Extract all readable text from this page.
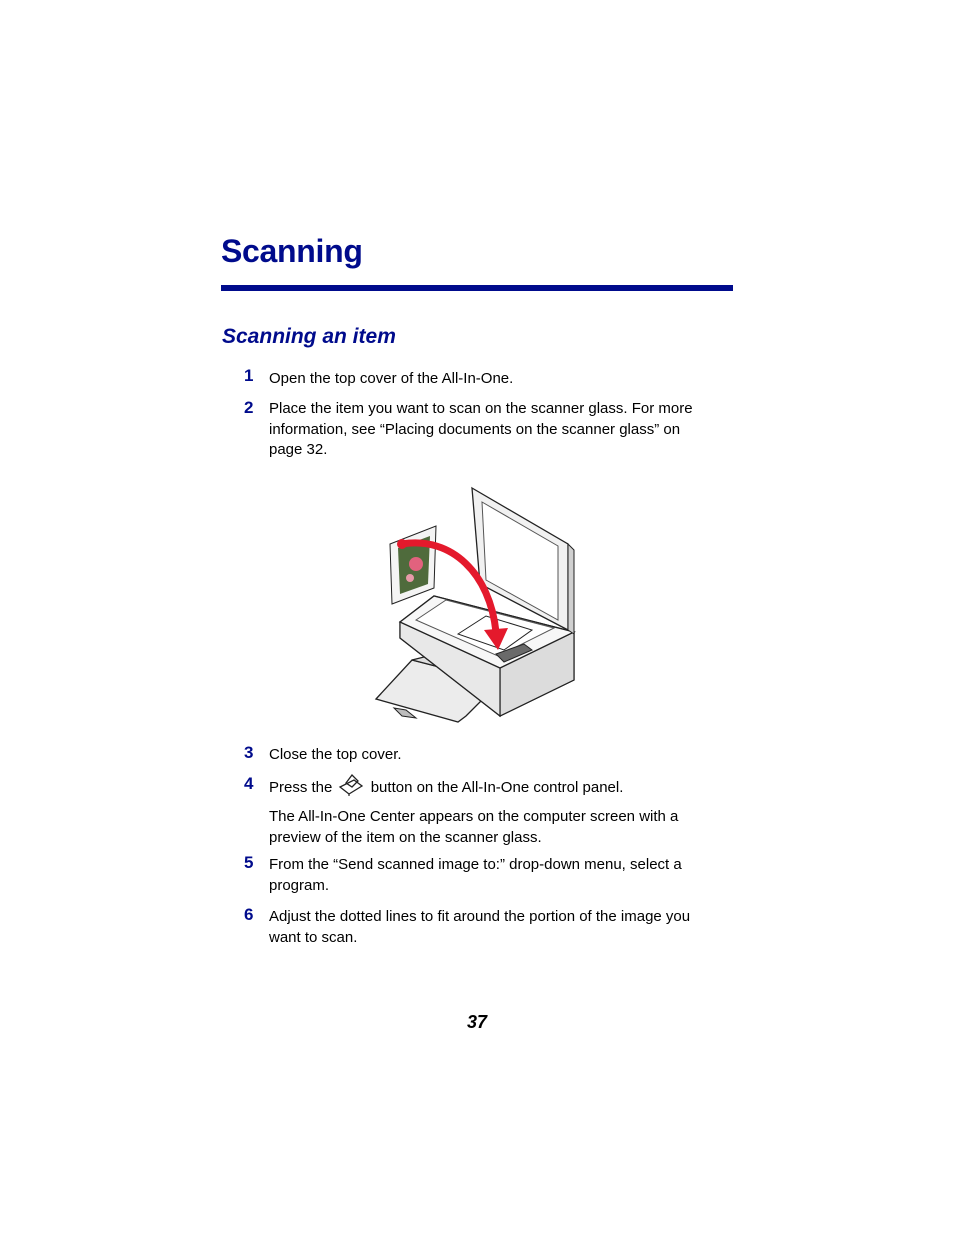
Scanning
Scanning an item
1 Open the top cover of the All-In-One.
2 Place the item you want to scan on the scanner glass. For more information, see “Placing documents on the scanner glass” on page 32.
3 Close the top cover.
4 Press the	button on the All-In-One control panel.
The All-In-One Center appears on the computer screen with a preview of the item on the scanner glass.
5 From the “Send scanned image to:” drop-down menu, select a program.
6 Adjust the dotted lines to fit around the portion of the image you want to scan.
37
